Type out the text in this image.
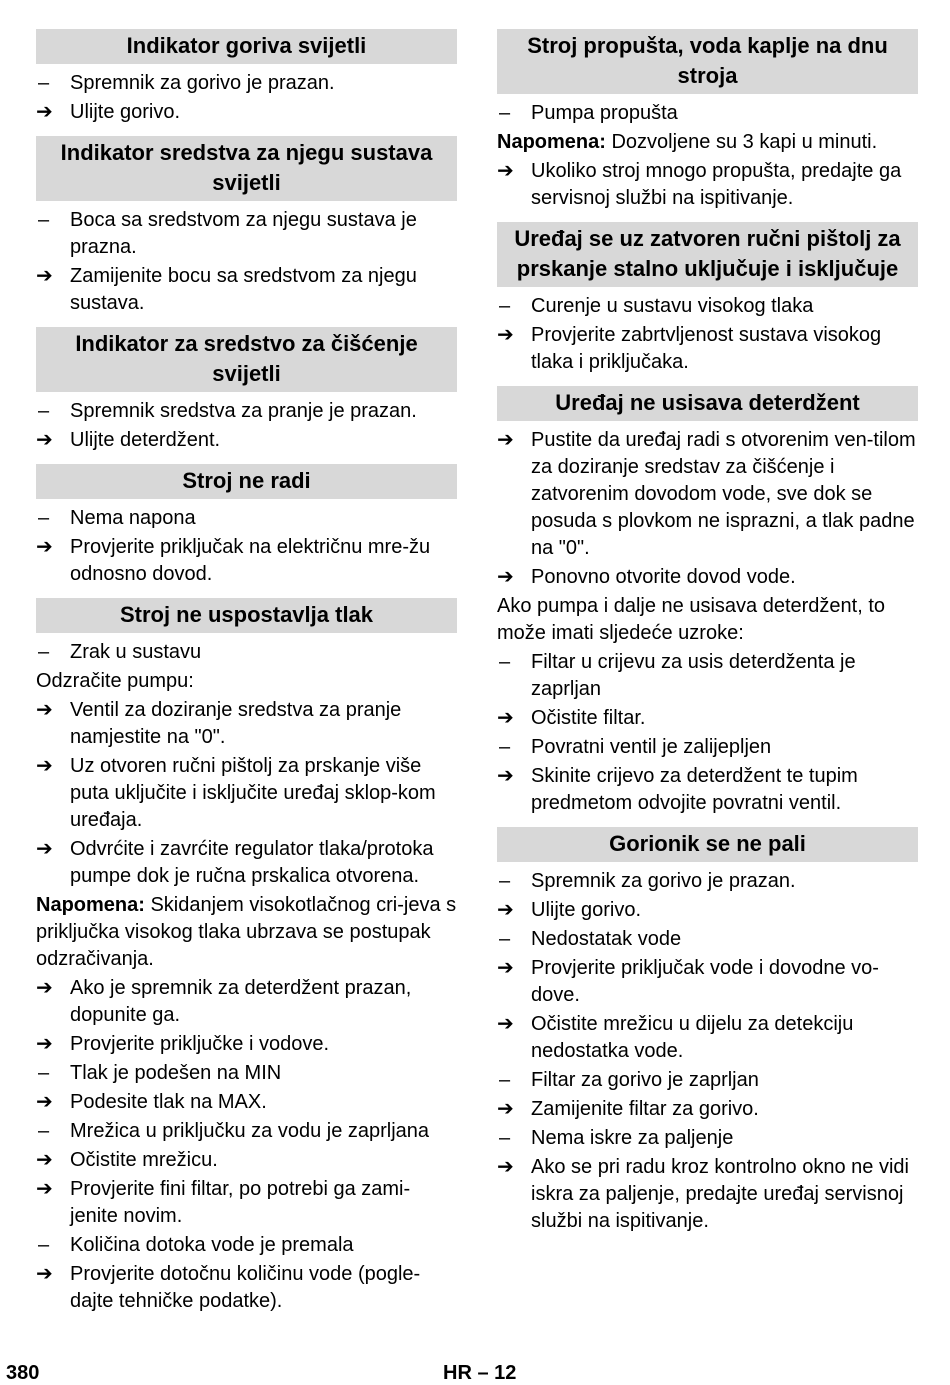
Indikator goriva svijetli
–	Spremnik za gorivo je prazan.
➔ Ulijte gorivo.
Indikator sredstva za njegu sustava svijetli
–	Boca sa sredstvom za njegu sustava je prazna.
➔ Zamijenite bocu sa sredstvom za njegu sustava.
Indikator za sredstvo za čišćenje svijetli
–	Spremnik sredstva za pranje je prazan.
➔ Ulijte deterdžent.
Stroj ne radi
–	Nema napona
➔ Provjerite priključak na električnu mre-žu odnosno dovod.
Stroj ne uspostavlja tlak
–	Zrak u sustavu
Odzračite pumpu:
➔ Ventil za doziranje sredstva za pranje namjestite na "0".
➔ Uz otvoren ručni pištolj za prskanje više puta uključite i isključite uređaj sklop-kom uređaja.
➔ Odvrćite i zavrćite regulator tlaka/protoka pumpe dok je ručna prskalica otvorena.
Napomena: Skidanjem visokotlačnog cri-jeva s priključka visokog tlaka ubrzava se postupak odzračivanja.
➔ Ako je spremnik za deterdžent prazan, dopunite ga.
➔ Provjerite priključke i vodove.
–	Tlak je podešen na MIN
➔ Podesite tlak na MAX.
–	Mrežica u priključku za vodu je zaprljana
➔ Očistite mrežicu.
➔ Provjerite fini filtar, po potrebi ga zami-jenite novim.
–	Količina dotoka vode je premala
➔ Provjerite dotočnu količinu vode (pogle-dajte tehničke podatke).
Stroj propušta, voda kaplje na dnu stroja
–	Pumpa propušta
Napomena: Dozvoljene su 3 kapi u minuti.
➔ Ukoliko stroj mnogo propušta, predajte ga servisnoj službi na ispitivanje.
Uređaj se uz zatvoren ručni pištolj za prskanje stalno uključuje i isključuje
–	Curenje u sustavu visokog tlaka
➔ Provjerite zabrtvljenost sustava visokog tlaka i priključaka.
Uređaj ne usisava deterdžent
➔ Pustite da uređaj radi s otvorenim ven-tilom za doziranje sredstav za čišćenje i zatvorenim dovodom vode, sve dok se posuda s plovkom ne isprazni, a tlak padne na "0".
➔ Ponovno otvorite dovod vode.
Ako pumpa i dalje ne usisava deterdžent, to može imati sljedeće uzroke:
–	Filtar u crijevu za usis deterdženta je zaprljan
➔ Očistite filtar.
–	Povratni ventil je zalijepljen
➔ Skinite crijevo za deterdžent te tupim predmetom odvojite povratni ventil.
Gorionik se ne pali
–	Spremnik za gorivo je prazan.
➔ Ulijte gorivo.
–	Nedostatak vode
➔ Provjerite priključak vode i dovodne vo-dove.
➔ Očistite mrežicu u dijelu za detekciju nedostatka vode.
–	Filtar za gorivo je zaprljan
➔ Zamijenite filtar za gorivo.
–	Nema iskre za paljenje
➔ Ako se pri radu kroz kontrolno okno ne vidi iskra za paljenje, predajte uređaj servisnoj službi na ispitivanje.
380	HR – 12
